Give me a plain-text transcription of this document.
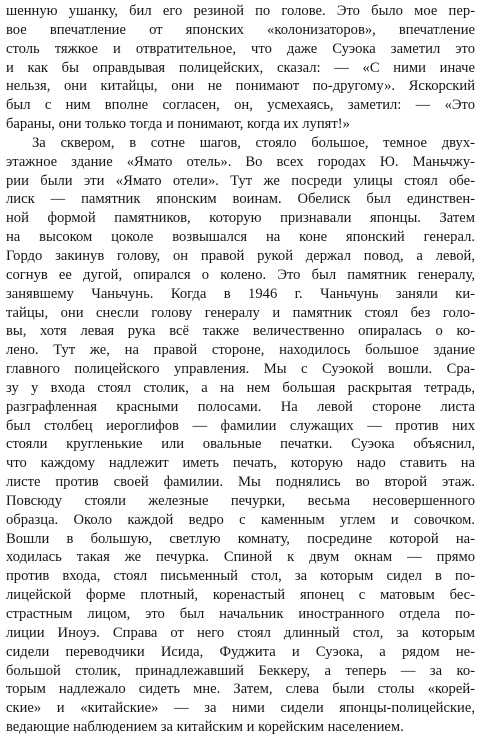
шенную ушанку, бил его резиной по голове. Это было мое пер-
вое впечатление от японских «колонизаторов», впечатление
столь тяжкое и отвратительное, что даже Суэока заметил это
и как бы оправдывая полицейских, сказал: — «С ними иначе
нельзя, они китайцы, они не понимают по-другому». Яскорский
был с ним вполне согласен, он, усмехаясь, заметил: — «Это
бараны, они только тогда и понимают, когда их лупят!»
За сквером, в сотне шагов, стояло большое, темное двух-
этажное здание «Ямато отель». Во всех городах Ю. Маньчжу-
рии были эти «Ямато отели». Тут же посреди улицы стоял обе-
лиск — памятник японским воинам. Обелиск был единствен-
ной формой памятников, которую признавали японцы. Затем
на высоком цоколе возвышался на коне японский генерал.
Гордо закинув голову, он правой рукой держал повод, а левой,
согнув ее дугой, опирался о колено. Это был памятник генералу,
занявшему Чаньчунь. Когда в 1946 г. Чаньчунь заняли ки-
тайцы, они снесли голову генералу и памятник стоял без голо-
вы, хотя левая рука всё также величественно опиралась о ко-
лено. Тут же, на правой стороне, находилось большое здание
главного полицейского управления. Мы с Суэокой вошли. Сра-
зу у входа стоял столик, а на нем большая раскрытая тетрадь,
разграфленная красными полосами. На левой стороне листа
был столбец иероглифов — фамилии служащих — против них
стояли кругленькие или овальные печатки. Суэока объяснил,
что каждому надлежит иметь печать, которую надо ставить на
листе против своей фамилии. Мы поднялись во второй этаж.
Повсюду стояли железные печурки, весьма несовершенного
образца. Около каждой ведро с каменным углем и совочком.
Вошли в большую, светлую комнату, посредине которой на-
ходилась такая же печурка. Спиной к двум окнам — прямо
против входа, стоял письменный стол, за которым сидел в по-
лицейской форме плотный, коренастый японец с матовым бес-
страстным лицом, это был начальник иностранного отдела по-
лиции Иноуэ. Справа от него стоял длинный стол, за которым
сидели переводчики Исида, Фуджита и Суэока, а рядом не-
большой столик, принадлежавший Беккеру, а теперь — за ко-
торым надлежало сидеть мне. Затем, слева были столы «корей-
ские» и «китайские» — за ними сидели японцы-полицейские,
ведающие наблюдением за китайским и корейским населением.
